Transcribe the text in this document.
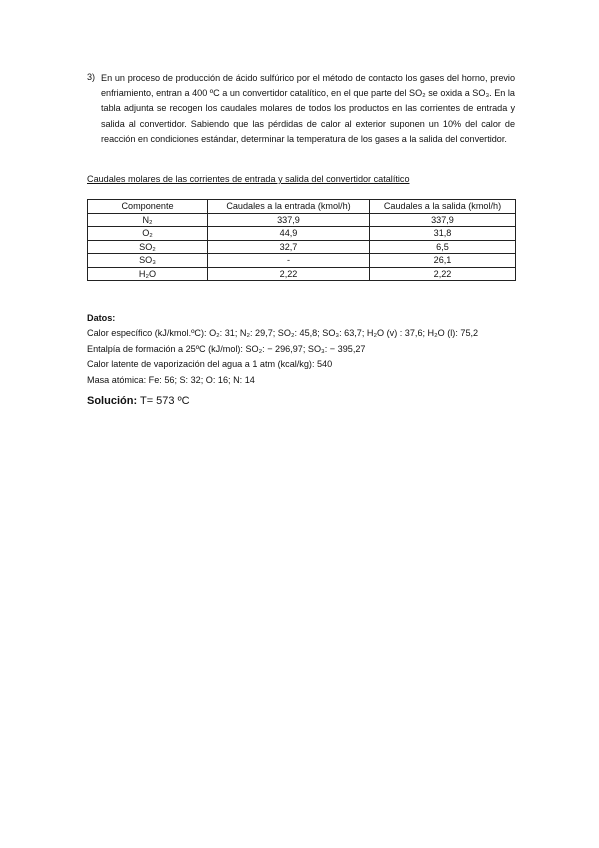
3) En un proceso de producción de ácido sulfúrico por el método de contacto los gases del horno, previo enfriamiento, entran a 400 ºC a un convertidor catalítico, en el que parte del SO₂ se oxida a SO₃. En la tabla adjunta se recogen los caudales molares de todos los productos en las corrientes de entrada y salida al convertidor. Sabiendo que las pérdidas de calor al exterior suponen un 10% del calor de reacción en condiciones estándar, determinar la temperatura de los gases a la salida del convertidor.
Caudales molares de las corrientes de entrada y salida del convertidor catalítico
Componente	Caudales a la entrada (kmol/h)	Caudales a la salida (kmol/h)
N₂	337,9	337,9
O₂	44,9	31,8
SO₂	32,7	6,5
SO₃	-	26,1
H₂O	2,22	2,22
Datos:
Calor específico (kJ/kmol.ºC): O₂: 31; N₂: 29,7; SO₂: 45,8; SO₃: 63,7; H₂O (v) : 37,6; H₂O (l): 75,2
Entalpía de formación a 25ºC (kJ/mol): SO₂: − 296,97; SO₃: − 395,27
Calor latente de vaporización del agua a 1 atm (kcal/kg): 540
Masa atómica: Fe: 56; S: 32; O: 16; N: 14
Solución: T= 573 ºC
